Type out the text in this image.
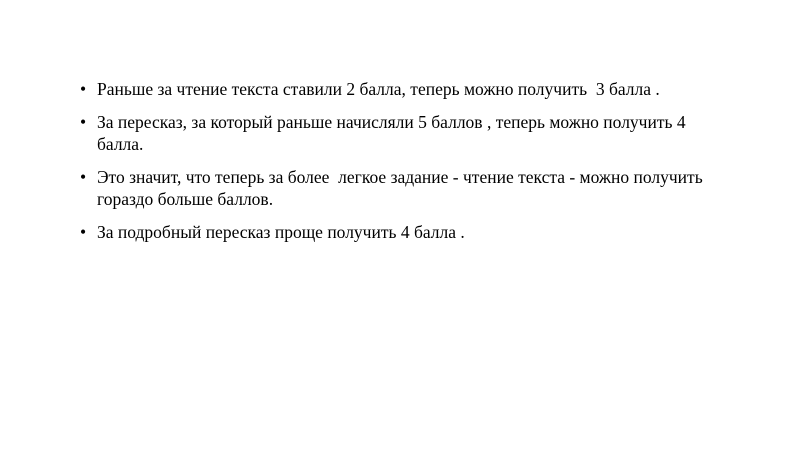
• Раньше за чтение текста ставили 2 балла, теперь можно получить  3 балла .
• За пересказ, за который раньше начисляли 5 баллов , теперь можно получить 4 балла.
• Это значит, что теперь за более  легкое задание - чтение текста - можно получить гораздо больше баллов.
• За подробный пересказ проще получить 4 балла .
